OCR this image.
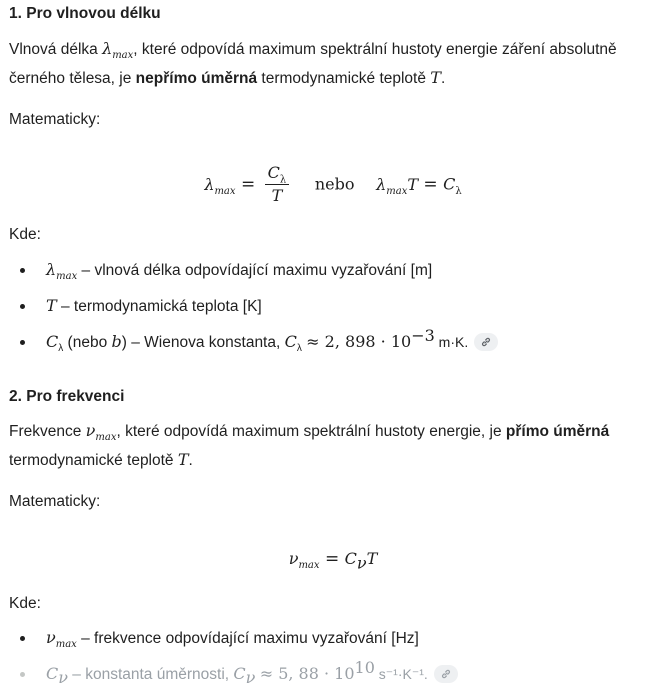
1. Pro vlnovou délku

Vlnová délka $\lambda_{max}$, které odpovídá maximum spektrální hustoty energie záření absolutně černého tělesa, je nepřímo úměrná termodynamické teplotě T.

Matematicky:

$\lambda_{max} = \frac{C_\lambda}{T}$ nebo $\lambda_{max}T = C_\lambda$

Kde:

$\lambda_{max}$ – vlnová délka odpovídající maximu vyzařování [m]
T – termodynamická teplota [K]
$C_\lambda$ (nebo b) – Wienova konstanta, $C_\lambda \approx 2$, $898 \cdot 10^{-3}$ m·K.
2. Pro frekvenci

Frekvence $\nu_{max}$, které odpovídá maximum spektrální hustoty energie, je přímo úměrná
termodynamické teplotě T.

Matematicky:

$\nu_{max} = C_\nu T$

Kde:

$\nu_{max}$ – frekvence odpovídající maximu vyzařování [Hz]
$C_\nu$ – konstanta úměrnosti, $C_\nu \approx 5$, $88 \cdot 10^{10}$ s⁻¹·K⁻¹.
